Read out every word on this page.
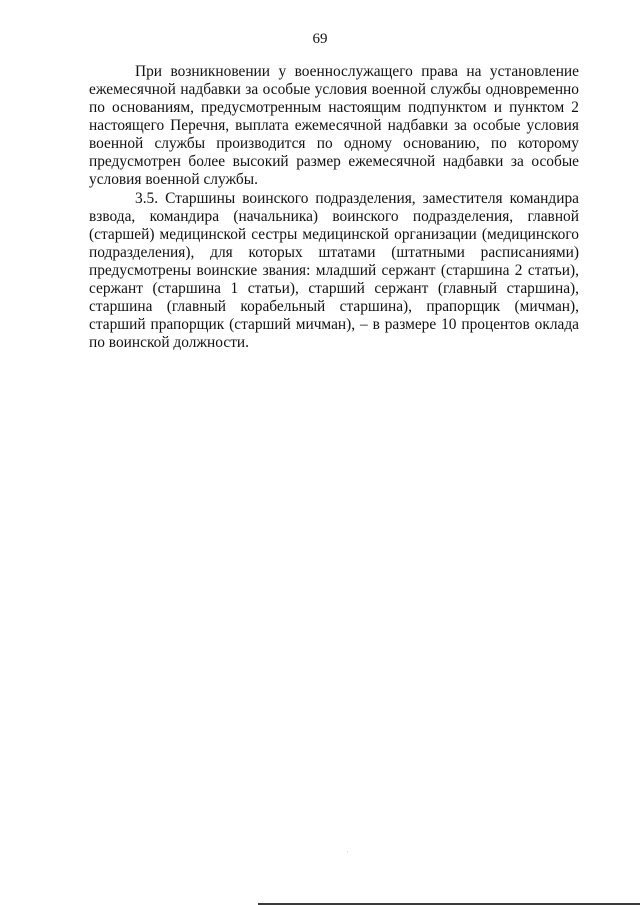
69

При возникновении у военнослужащего права на установление ежемесячной надбавки за особые условия военной службы одновременно по основаниям, предусмотренным настоящим подпунктом и пунктом 2 настоящего Перечня, выплата ежемесячной надбавки за особые условия военной службы производится по одному основанию, по которому предусмотрен более высокий размер ежемесячной надбавки за особые условия военной службы.

3.5. Старшины воинского подразделения, заместителя командира взвода, командира (начальника) воинского подразделения, главной (старшей) медицинской сестры медицинской организации (медицинского подразделения), для которых штатами (штатными расписаниями) предусмотрены воинские звания: младший сержант (старшина 2 статьи), сержант (старшина 1 статьи), старший сержант (главный старшина), старшина (главный корабельный старшина), прапорщик (мичман), старший прапорщик (старший мичман), – в размере 10 процентов оклада по воинской должности.
